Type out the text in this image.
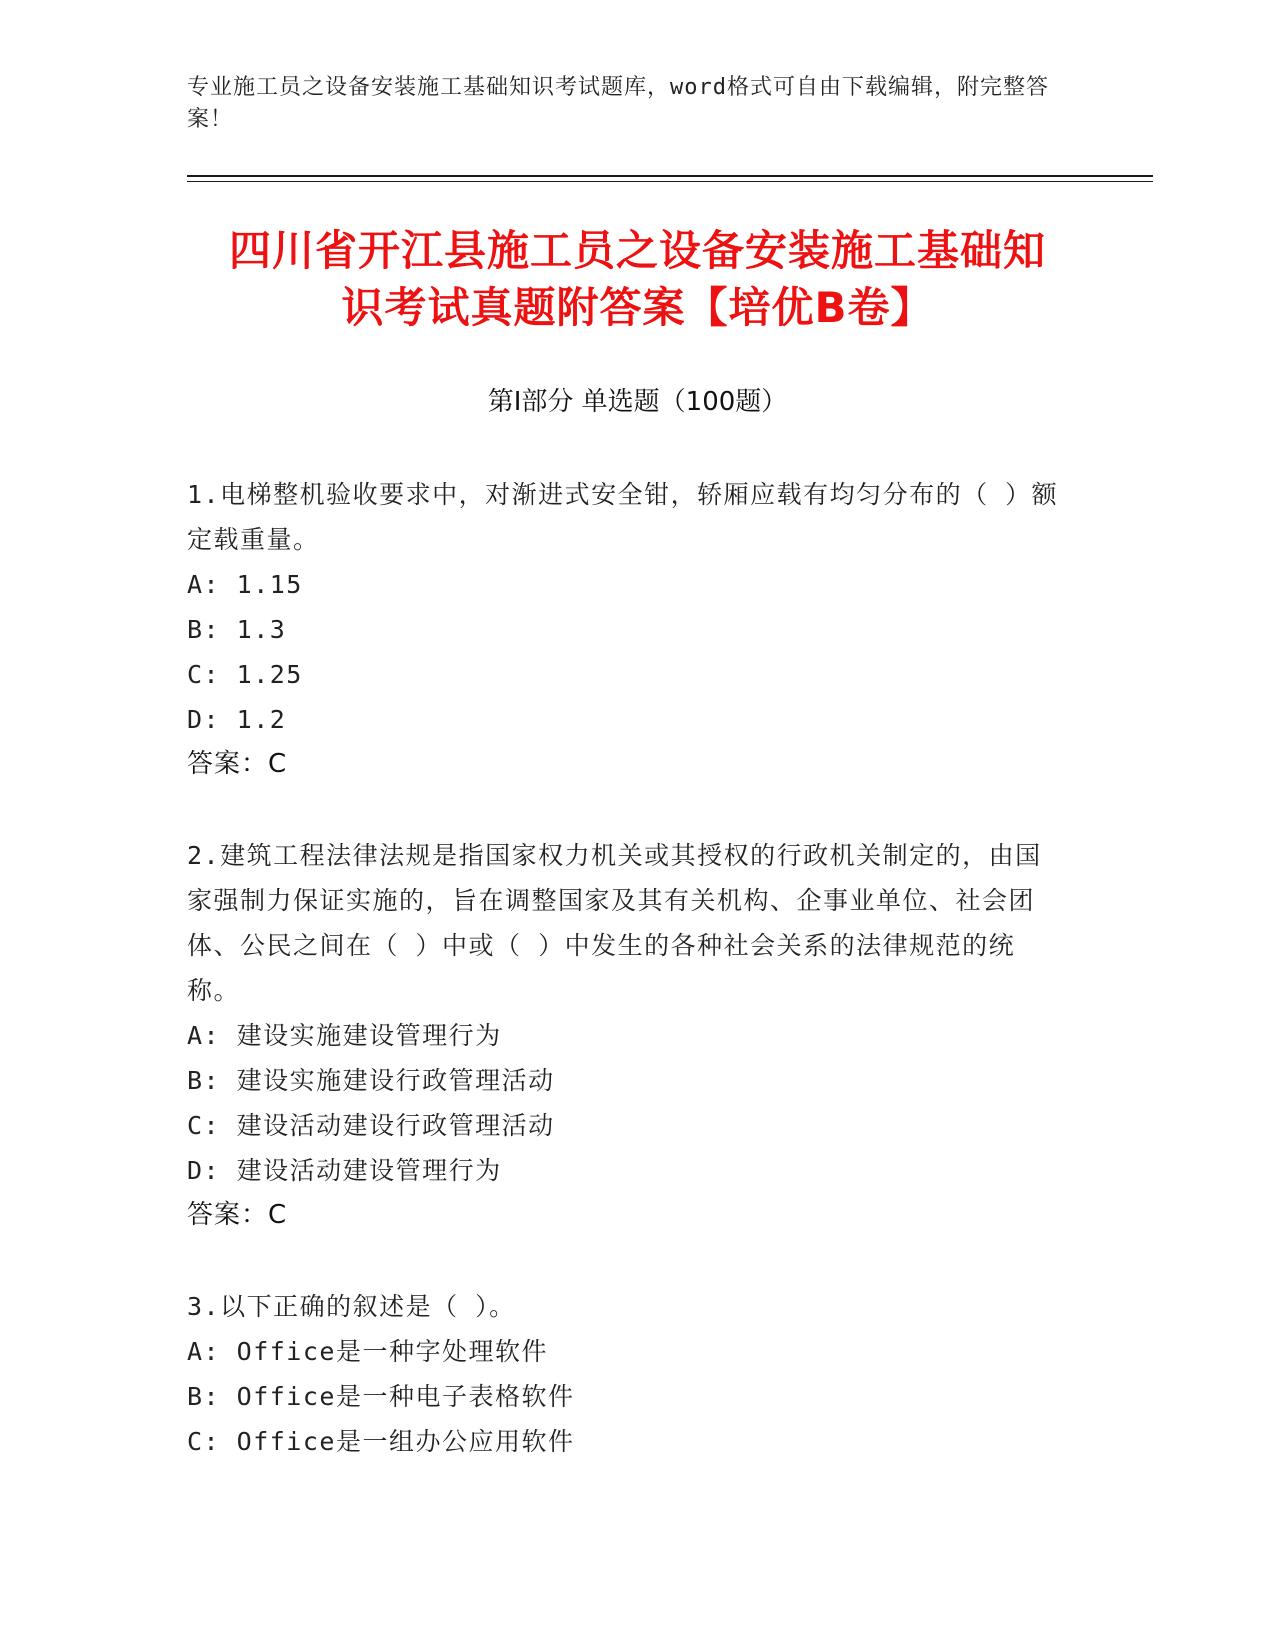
专业施工员之设备安装施工基础知识考试题库，word格式可自由下载编辑，附完整答案！
四川省开江县施工员之设备安装施工基础知
识考试真题附答案【培优B卷】
第I部分 单选题（100题）

1.电梯整机验收要求中，对渐进式安全钳，轿厢应载有均匀分布的（ ）额定载重量。

A: 1.15

B: 1.3

C: 1.25

D: 1.2

答案：C

2.建筑工程法律法规是指国家权力机关或其授权的行政机关制定的，由国家强制力保证实施的，旨在调整国家及其有关机构、企事业单位、社会团体、公民之间在（ ）中或（ ）中发生的各种社会关系的法律规范的统称。

A: 建设实施建设管理行为

B: 建设实施建设行政管理活动

C: 建设活动建设行政管理活动

D: 建设活动建设管理行为

答案：C

3.以下正确的叙述是（ ）。

A: Office是一种字处理软件

B: Office是一种电子表格软件

C: Office是一组办公应用软件
